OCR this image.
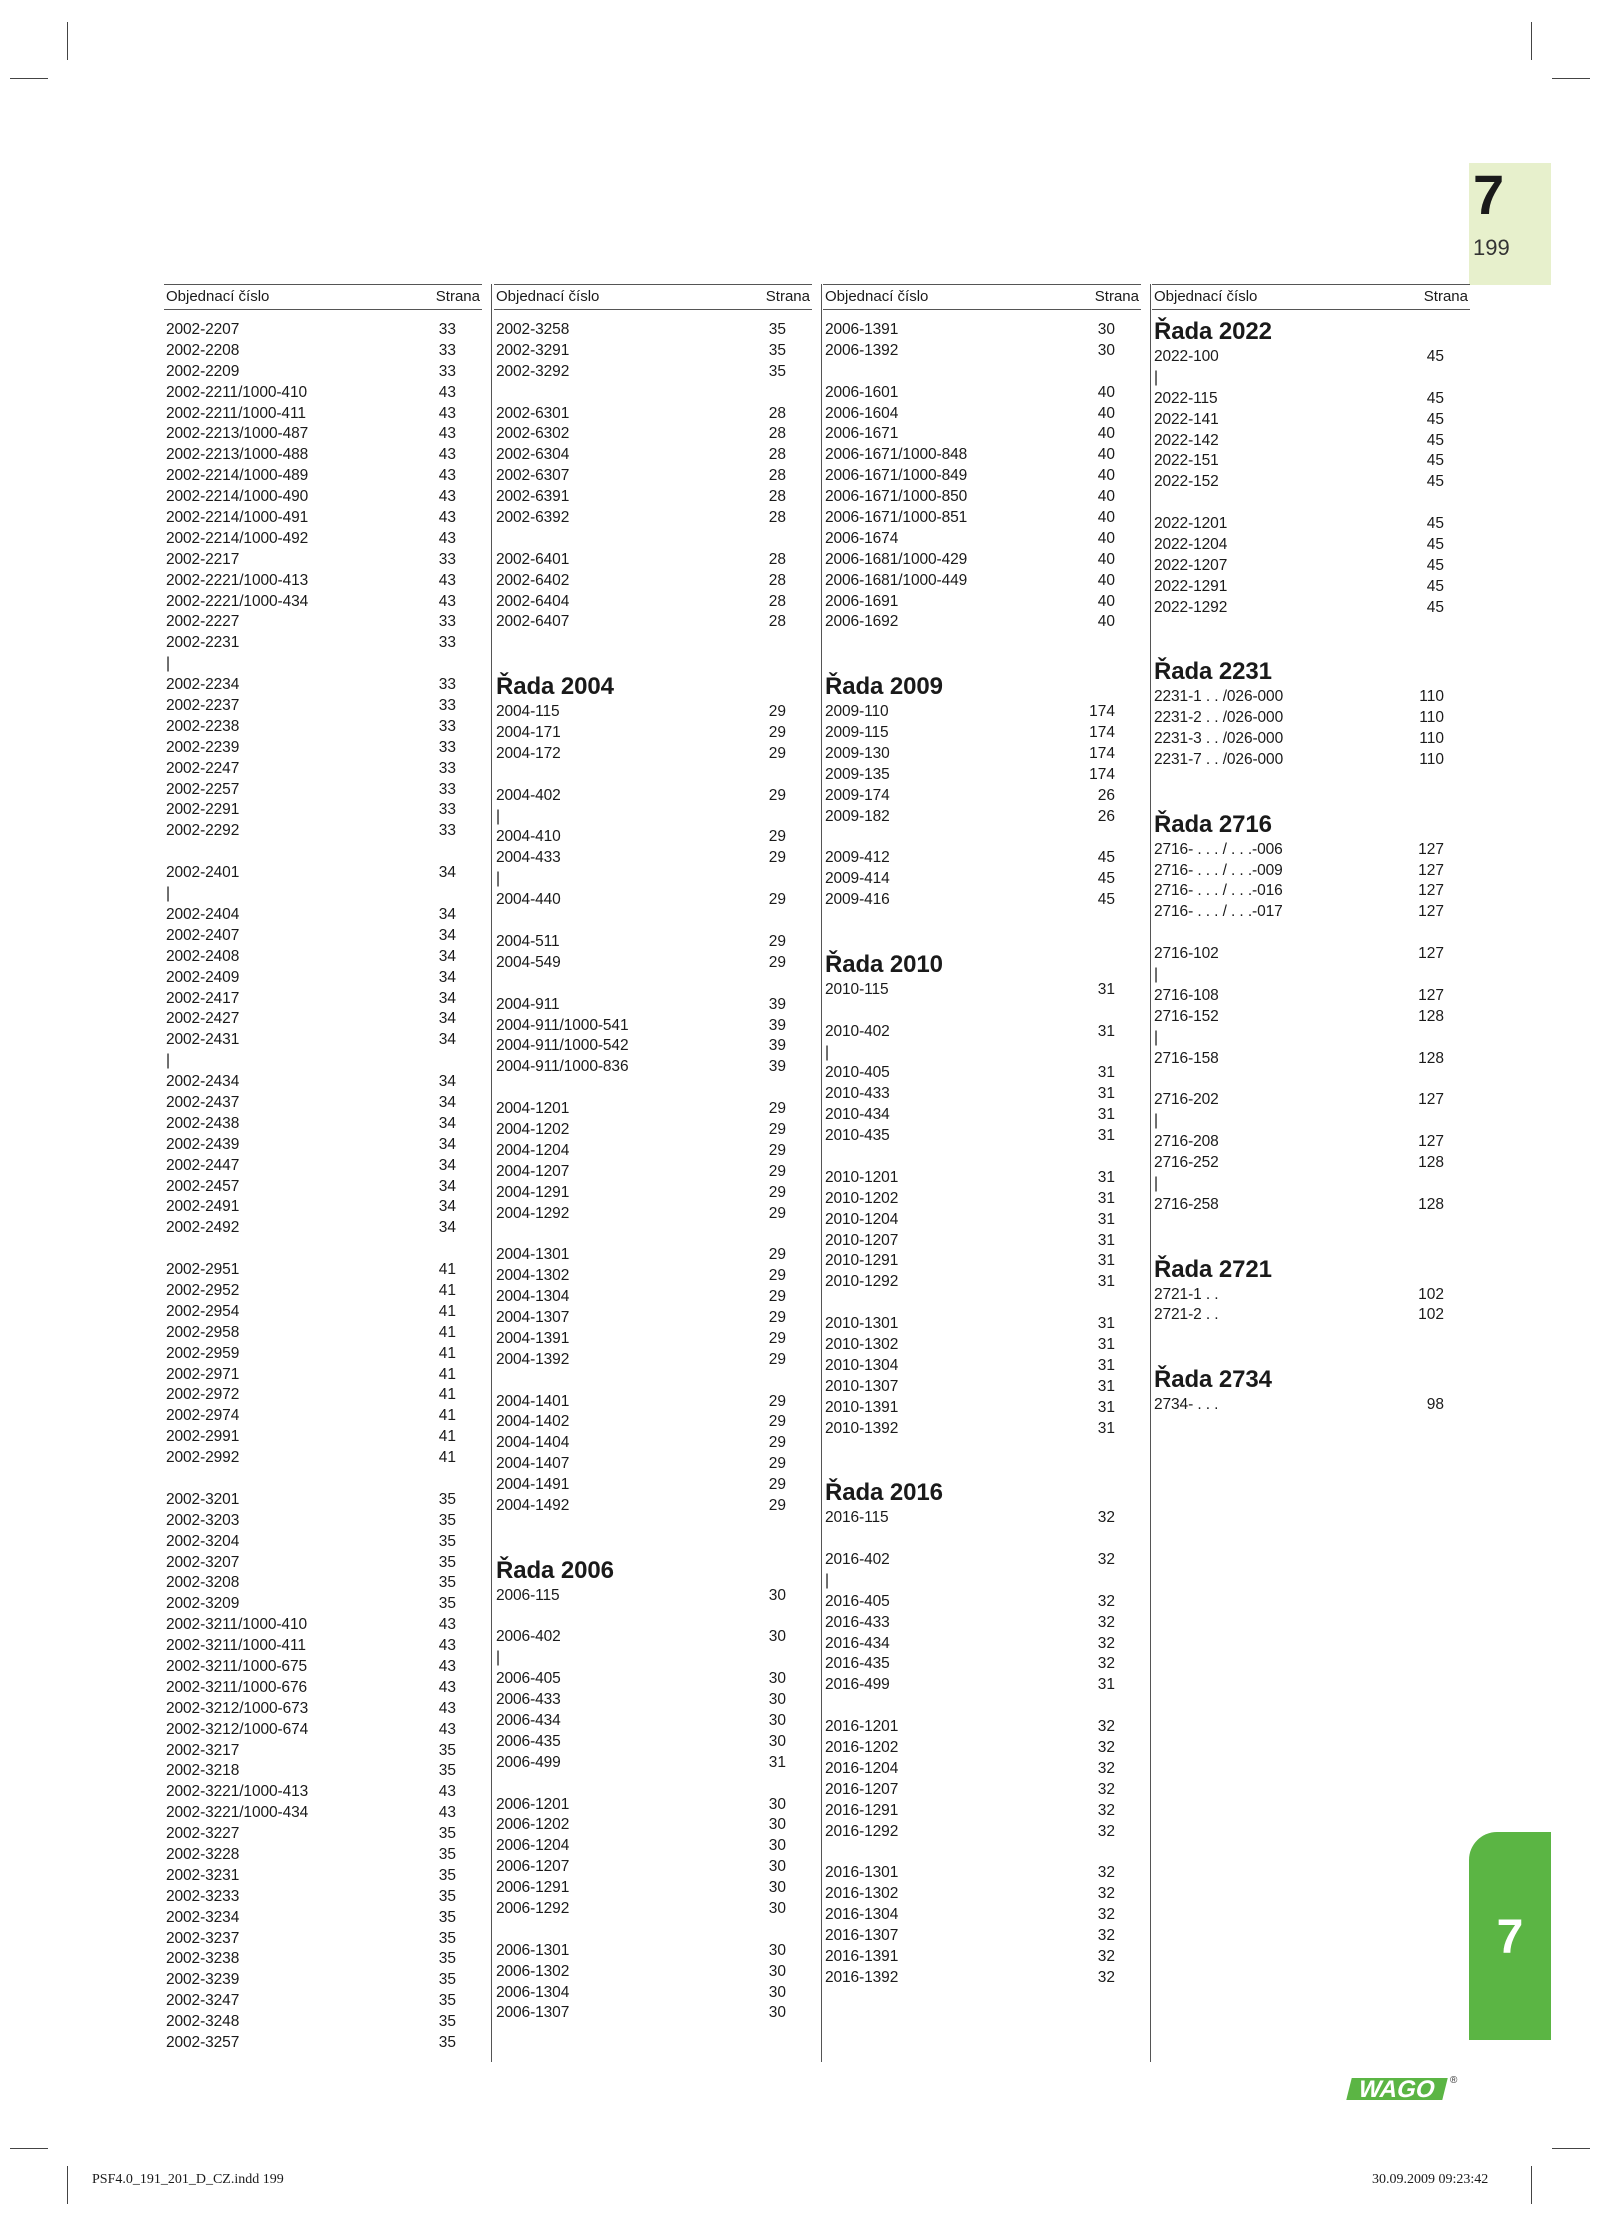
7
199
Objednací číslo	Strana
2002-2207	33
2002-2208	33
2002-2209	33
2002-2211/1000-410	43
2002-2211/1000-411	43
2002-2213/1000-487	43
2002-2213/1000-488	43
2002-2214/1000-489	43
2002-2214/1000-490	43
2002-2214/1000-491	43
2002-2214/1000-492	43
2002-2217	33
2002-2221/1000-413	43
2002-2221/1000-434	43
2002-2227	33
2002-2231	33
|
2002-2234	33
2002-2237	33
2002-2238	33
2002-2239	33
2002-2247	33
2002-2257	33
2002-2291	33
2002-2292	33
2002-2401	34
|
2002-2404	34
2002-2407	34
2002-2408	34
2002-2409	34
2002-2417	34
2002-2427	34
2002-2431	34
|
2002-2434	34
2002-2437	34
2002-2438	34
2002-2439	34
2002-2447	34
2002-2457	34
2002-2491	34
2002-2492	34
2002-2951	41
2002-2952	41
2002-2954	41
2002-2958	41
2002-2959	41
2002-2971	41
2002-2972	41
2002-2974	41
2002-2991	41
2002-2992	41
2002-3201	35
2002-3203	35
2002-3204	35
2002-3207	35
2002-3208	35
2002-3209	35
2002-3211/1000-410	43
2002-3211/1000-411	43
2002-3211/1000-675	43
2002-3211/1000-676	43
2002-3212/1000-673	43
2002-3212/1000-674	43
2002-3217	35
2002-3218	35
2002-3221/1000-413	43
2002-3221/1000-434	43
2002-3227	35
2002-3228	35
2002-3231	35
2002-3233	35
2002-3234	35
2002-3237	35
2002-3238	35
2002-3239	35
2002-3247	35
2002-3248	35
2002-3257	35
Objednací číslo	Strana
2002-3258	35
2002-3291	35
2002-3292	35
2002-6301	28
2002-6302	28
2002-6304	28
2002-6307	28
2002-6391	28
2002-6392	28
2002-6401	28
2002-6402	28
2002-6404	28
2002-6407	28
Řada 2004
2004-115	29
2004-171	29
2004-172	29
2004-402	29
|
2004-410	29
2004-433	29
|
2004-440	29
2004-511	29
2004-549	29
2004-911	39
2004-911/1000-541	39
2004-911/1000-542	39
2004-911/1000-836	39
2004-1201	29
2004-1202	29
2004-1204	29
2004-1207	29
2004-1291	29
2004-1292	29
2004-1301	29
2004-1302	29
2004-1304	29
2004-1307	29
2004-1391	29
2004-1392	29
2004-1401	29
2004-1402	29
2004-1404	29
2004-1407	29
2004-1491	29
2004-1492	29
Řada 2006
2006-115	30
2006-402	30
|
2006-405	30
2006-433	30
2006-434	30
2006-435	30
2006-499	31
2006-1201	30
2006-1202	30
2006-1204	30
2006-1207	30
2006-1291	30
2006-1292	30
2006-1301	30
2006-1302	30
2006-1304	30
2006-1307	30
Objednací číslo	Strana
2006-1391	30
2006-1392	30
2006-1601	40
2006-1604	40
2006-1671	40
2006-1671/1000-848	40
2006-1671/1000-849	40
2006-1671/1000-850	40
2006-1671/1000-851	40
2006-1674	40
2006-1681/1000-429	40
2006-1681/1000-449	40
2006-1691	40
2006-1692	40
Řada 2009
2009-110	174
2009-115	174
2009-130	174
2009-135	174
2009-174	26
2009-182	26
2009-412	45
2009-414	45
2009-416	45
Řada 2010
2010-115	31
2010-402	31
|
2010-405	31
2010-433	31
2010-434	31
2010-435	31
2010-1201	31
2010-1202	31
2010-1204	31
2010-1207	31
2010-1291	31
2010-1292	31
2010-1301	31
2010-1302	31
2010-1304	31
2010-1307	31
2010-1391	31
2010-1392	31
Řada 2016
2016-115	32
2016-402	32
|
2016-405	32
2016-433	32
2016-434	32
2016-435	32
2016-499	31
2016-1201	32
2016-1202	32
2016-1204	32
2016-1207	32
2016-1291	32
2016-1292	32
2016-1301	32
2016-1302	32
2016-1304	32
2016-1307	32
2016-1391	32
2016-1392	32
Objednací číslo	Strana
Řada 2022
2022-100	45
|
2022-115	45
2022-141	45
2022-142	45
2022-151	45
2022-152	45
2022-1201	45
2022-1204	45
2022-1207	45
2022-1291	45
2022-1292	45
Řada 2231
2231-1 . . /026-000	110
2231-2 . . /026-000	110
2231-3 . . /026-000	110
2231-7 . . /026-000	110
Řada 2716
2716- . . . / . . .-006	127
2716- . . . / . . .-009	127
2716- . . . / . . .-016	127
2716- . . . / . . .-017	127
2716-102	127
|
2716-108	127
2716-152	128
|
2716-158	128
2716-202	127
|
2716-208	127
2716-252	128
|
2716-258	128
Řada 2721
2721-1 . .	102
2721-2 . .	102
Řada 2734
2734- . . .	98
7
WAGO ®
PSF4.0_191_201_D_CZ.indd 199	30.09.2009 09:23:42
